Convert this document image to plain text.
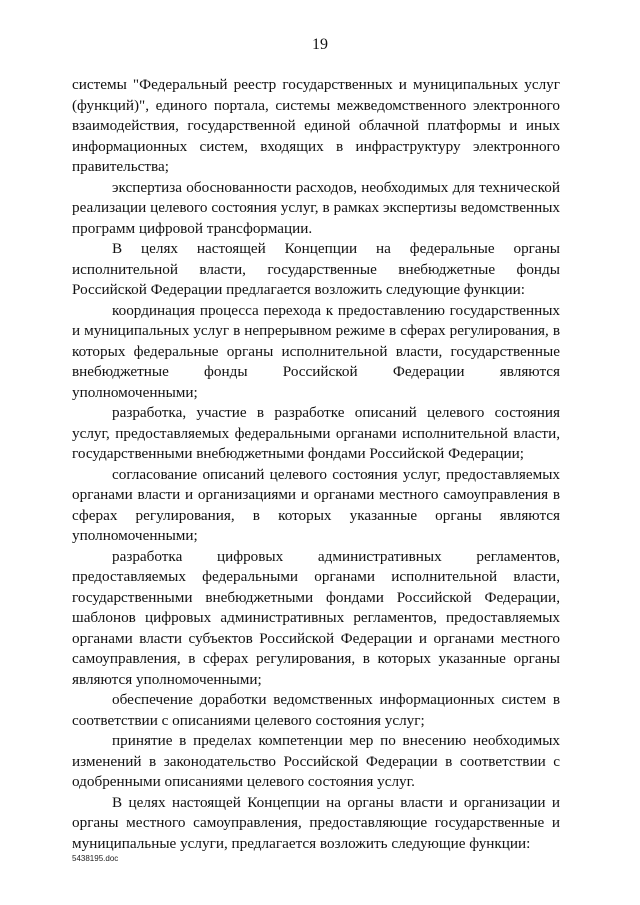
19

системы "Федеральный реестр государственных и муниципальных услуг (функций)", единого портала, системы межведомственного электронного взаимодействия, государственной единой облачной платформы и иных информационных систем, входящих в инфраструктуру электронного правительства;

экспертиза обоснованности расходов, необходимых для технической реализации целевого состояния услуг, в рамках экспертизы ведомственных программ цифровой трансформации.

В целях настоящей Концепции на федеральные органы исполнительной власти, государственные внебюджетные фонды Российской Федерации предлагается возложить следующие функции:

координация процесса перехода к предоставлению государственных и муниципальных услуг в непрерывном режиме в сферах регулирования, в которых федеральные органы исполнительной власти, государственные внебюджетные фонды Российской Федерации являются уполномоченными;

разработка, участие в разработке описаний целевого состояния услуг, предоставляемых федеральными органами исполнительной власти, государственными внебюджетными фондами Российской Федерации;

согласование описаний целевого состояния услуг, предоставляемых органами власти и организациями и органами местного самоуправления в сферах регулирования, в которых указанные органы являются уполномоченными;

разработка цифровых административных регламентов, предоставляемых федеральными органами исполнительной власти, государственными внебюджетными фондами Российской Федерации, шаблонов цифровых административных регламентов, предоставляемых органами власти субъектов Российской Федерации и органами местного самоуправления, в сферах регулирования, в которых указанные органы являются уполномоченными;

обеспечение доработки ведомственных информационных систем в соответствии с описаниями целевого состояния услуг;

принятие в пределах компетенции мер по внесению необходимых изменений в законодательство Российской Федерации в соответствии с одобренными описаниями целевого состояния услуг.

В целях настоящей Концепции на органы власти и организации и органы местного самоуправления, предоставляющие государственные и муниципальные услуги, предлагается возложить следующие функции:

5438195.doc
